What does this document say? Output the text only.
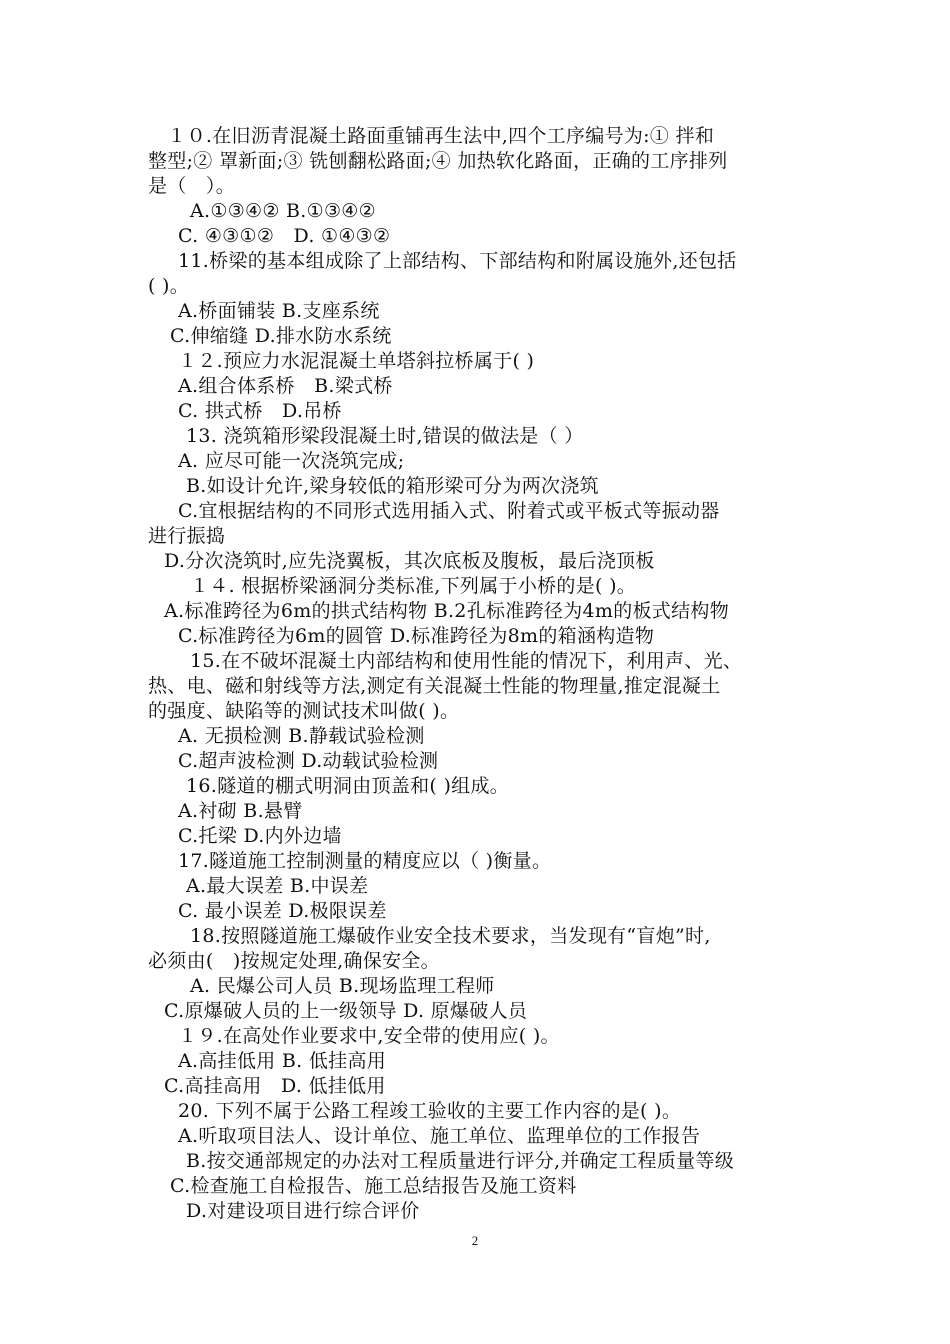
　１０.在旧沥青混凝土路面重铺再生法中,四个工序编号为:① 拌和
整型;② 罩新面;③ 铣刨翻松路面;④ 加热软化路面，正确的工序排列
是（　）。
A.①③④② B.①③④②
C. ④③①②　D. ①④③②
11.桥梁的基本组成除了上部结构、下部结构和附属设施外,还包括
( )。
A.桥面铺装 B.支座系统
C.伸缩缝 D.排水防水系统
１２.预应力水泥混凝土单塔斜拉桥属于( )
A.组合体系桥　B.梁式桥
C. 拱式桥　D.吊桥
13. 浇筑箱形梁段混凝土时,错误的做法是（ ）
A. 应尽可能一次浇筑完成;
B.如设计允许,梁身较低的箱形梁可分为两次浇筑
C.宜根据结构的不同形式选用插入式、附着式或平板式等振动器
进行振捣
D.分次浇筑时,应先浇翼板，其次底板及腹板，最后浇顶板
１４. 根据桥梁涵洞分类标准,下列属于小桥的是( )。
A.标准跨径为6m的拱式结构物 B.2孔标准跨径为4m的板式结构物
C.标准跨径为6m的圆管 D.标准跨径为8m的箱涵构造物
15.在不破坏混凝土内部结构和使用性能的情况下，利用声、光、
热、电、磁和射线等方法,测定有关混凝土性能的物理量,推定混凝土
的强度、缺陷等的测试技术叫做( )。
A. 无损检测 B.静载试验检测
C.超声波检测 D.动载试验检测
16.隧道的棚式明洞由顶盖和( )组成。
A.衬砌 B.悬臂
C.托梁 D.内外边墙
17.隧道施工控制测量的精度应以（ )衡量。
A.最大误差 B.中误差
C. 最小误差 D.极限误差
18.按照隧道施工爆破作业安全技术要求，当发现有“盲炮”时,
必须由(　)按规定处理,确保安全。
A. 民爆公司人员 B.现场监理工程师
C.原爆破人员的上一级领导 D. 原爆破人员
１９.在高处作业要求中,安全带的使用应( )。
A.高挂低用 B. 低挂高用
C.高挂高用　D. 低挂低用
20. 下列不属于公路工程竣工验收的主要工作内容的是( )。
A.听取项目法人、设计单位、施工单位、监理单位的工作报告
B.按交通部规定的办法对工程质量进行评分,并确定工程质量等级
C.检查施工自检报告、施工总结报告及施工资料
D.对建设项目进行综合评价
2
